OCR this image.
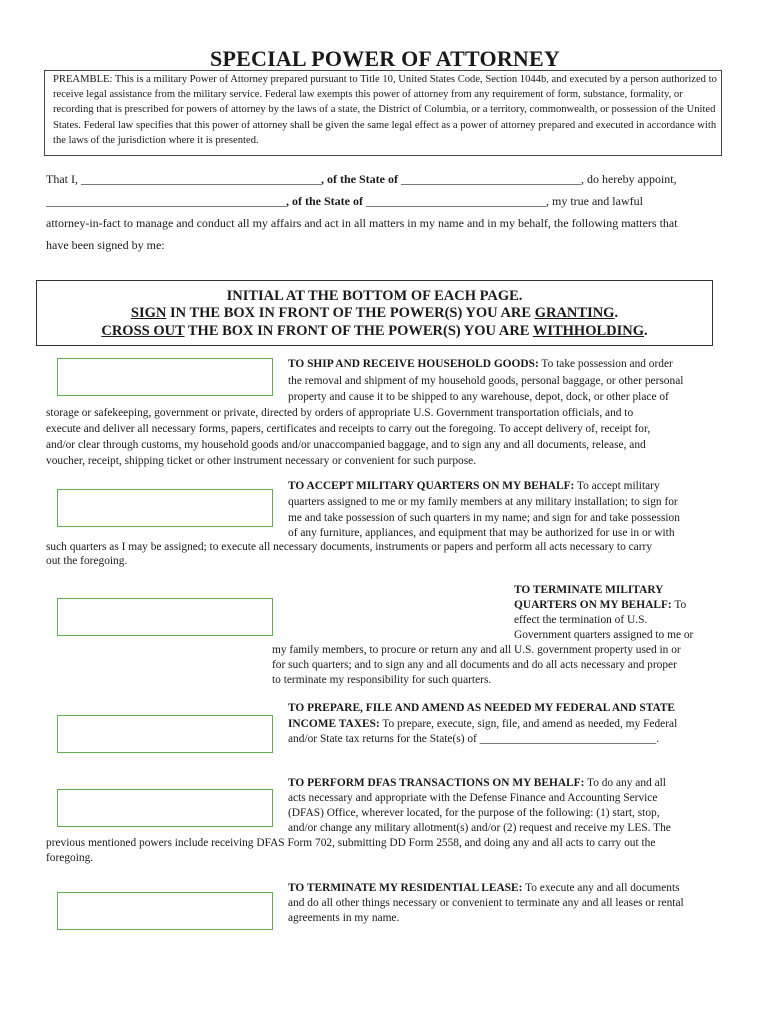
SPECIAL POWER OF ATTORNEY
PREAMBLE: This is a military Power of Attorney prepared pursuant to Title 10, United States Code, Section 1044b, and executed by a person authorized to receive legal assistance from the military service. Federal law exempts this power of attorney from any requirement of form, substance, formality, or recording that is prescribed for powers of attorney by the laws of a state, the District of Columbia, or a territory, commonwealth, or possession of the United States. Federal law specifies that this power of attorney shall be given the same legal effect as a power of attorney prepared and executed in accordance with the laws of the jurisdiction where it is presented.
That I, ________________________________________, of the State of ______________________________, do hereby appoint,
________________________________________, of the State of ______________________________, my true and lawful
attorney-in-fact to manage and conduct all my affairs and act in all matters in my name and in my behalf, the following matters that
have been signed by me:
INITIAL AT THE BOTTOM OF EACH PAGE.
SIGN IN THE BOX IN FRONT OF THE POWER(S) YOU ARE GRANTING.
CROSS OUT THE BOX IN FRONT OF THE POWER(S) YOU ARE WITHHOLDING.
TO SHIP AND RECEIVE HOUSEHOLD GOODS: To take possession and order
the removal and shipment of my household goods, personal baggage, or other personal
property and cause it to be shipped to any warehouse, depot, dock, or other place of
storage or safekeeping, government or private, directed by orders of appropriate U.S. Government transportation officials, and to
execute and deliver all necessary forms, papers, certificates and receipts to carry out the foregoing. To accept delivery of, receipt for,
and/or clear through customs, my household goods and/or unaccompanied baggage, and to sign any and all documents, release, and
voucher, receipt, shipping ticket or other instrument necessary or convenient for such purpose.
TO ACCEPT MILITARY QUARTERS ON MY BEHALF: To accept military
quarters assigned to me or my family members at any military installation; to sign for
me and take possession of such quarters in my name; and sign for and take possession
of any furniture, appliances, and equipment that may be authorized for use in or with
such quarters as I may be assigned; to execute all necessary documents, instruments or papers and perform all acts necessary to carry
out the foregoing.
TO TERMINATE MILITARY
QUARTERS ON MY BEHALF: To
effect the termination of U.S.
Government quarters assigned to me or
my family members, to procure or return any and all U.S. government property used in or
for such quarters; and to sign any and all documents and do all acts necessary and proper
to terminate my responsibility for such quarters.
TO PREPARE, FILE AND AMEND AS NEEDED MY FEDERAL AND STATE
INCOME TAXES: To prepare, execute, sign, file, and amend as needed, my Federal
and/or State tax returns for the State(s) of _______________________________.
TO PERFORM DFAS TRANSACTIONS ON MY BEHALF: To do any and all
acts necessary and appropriate with the Defense Finance and Accounting Service
(DFAS) Office, wherever located, for the purpose of the following: (1) start, stop,
and/or change any military allotment(s) and/or (2) request and receive my LES. The
previous mentioned powers include receiving DFAS Form 702, submitting DD Form 2558, and doing any and all acts to carry out the
foregoing.
TO TERMINATE MY RESIDENTIAL LEASE: To execute any and all documents
and do all other things necessary or convenient to terminate any and all leases or rental
agreements in my name.
